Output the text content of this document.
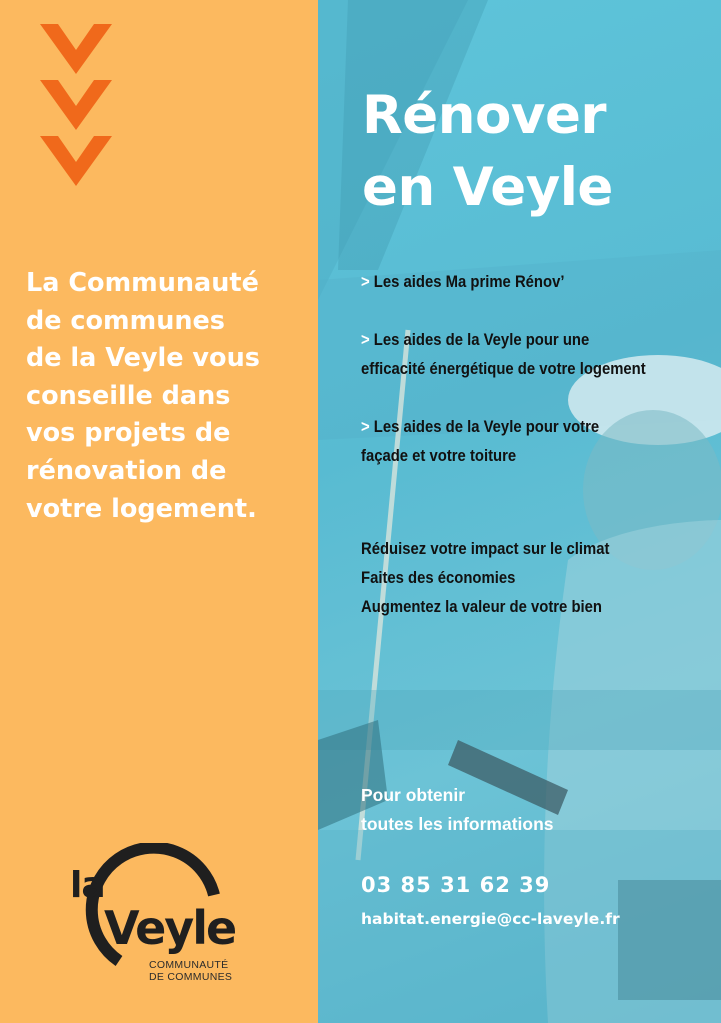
La Communauté
de communes
de la Veyle vous
conseille dans
vos projets de
rénovation de
votre logement.

la
Veyle
COMMUNAUTÉ
DE COMMUNES

Rénover
en Veyle

> Les aides Ma prime Rénov’

> Les aides de la Veyle pour une efficacité énergétique de votre logement

> Les aides de la Veyle pour votre façade et votre toiture

Réduisez votre impact sur le climat

Faites des économies

Augmentez la valeur de votre bien

Pour obtenir
toutes les informations
03 85 31 62 39
habitat.energie@cc-laveyle.fr
